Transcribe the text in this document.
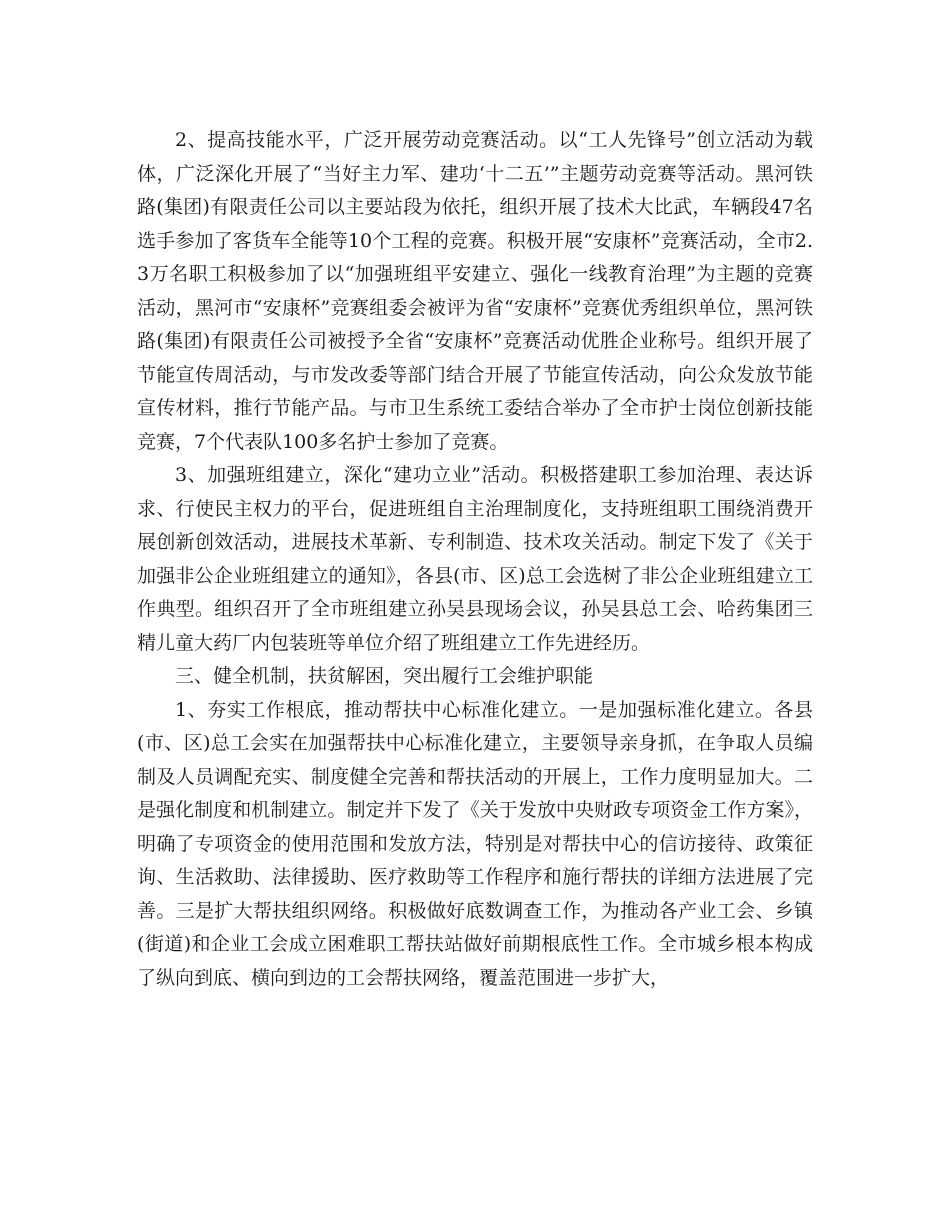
2、提高技能水平，广泛开展劳动竞赛活动。以“工人先锋号”创立活动为载体，广泛深化开展了“当好主力军、建功‘十二五’”主题劳动竞赛等活动。黑河铁路(集团)有限责任公司以主要站段为依托，组织开展了技术大比武，车辆段47名选手参加了客货车全能等10个工程的竞赛。积极开展“安康杯”竞赛活动，全市2.3万名职工积极参加了以“加强班组平安建立、强化一线教育治理”为主题的竞赛活动，黑河市“安康杯”竞赛组委会被评为省“安康杯”竞赛优秀组织单位，黑河铁路(集团)有限责任公司被授予全省“安康杯”竞赛活动优胜企业称号。组织开展了节能宣传周活动，与市发改委等部门结合开展了节能宣传活动，向公众发放节能宣传材料，推行节能产品。与市卫生系统工委结合举办了全市护士岗位创新技能竞赛，7个代表队100多名护士参加了竞赛。

3、加强班组建立，深化“建功立业”活动。积极搭建职工参加治理、表达诉求、行使民主权力的平台，促进班组自主治理制度化，支持班组职工围绕消费开展创新创效活动，进展技术革新、专利制造、技术攻关活动。制定下发了《关于加强非公企业班组建立的通知》，各县(市、区)总工会选树了非公企业班组建立工作典型。组织召开了全市班组建立孙吴县现场会议，孙吴县总工会、哈药集团三精儿童大药厂内包装班等单位介绍了班组建立工作先进经历。

三、健全机制，扶贫解困，突出履行工会维护职能

1、夯实工作根底，推动帮扶中心标准化建立。一是加强标准化建立。各县(市、区)总工会实在加强帮扶中心标准化建立，主要领导亲身抓，在争取人员编制及人员调配充实、制度健全完善和帮扶活动的开展上，工作力度明显加大。二是强化制度和机制建立。制定并下发了《关于发放中央财政专项资金工作方案》，明确了专项资金的使用范围和发放方法，特别是对帮扶中心的信访接待、政策征询、生活救助、法律援助、医疗救助等工作程序和施行帮扶的详细方法进展了完善。三是扩大帮扶组织网络。积极做好底数调查工作，为推动各产业工会、乡镇(街道)和企业工会成立困难职工帮扶站做好前期根底性工作。全市城乡根本构成了纵向到底、横向到边的工会帮扶网络，覆盖范围进一步扩大，
